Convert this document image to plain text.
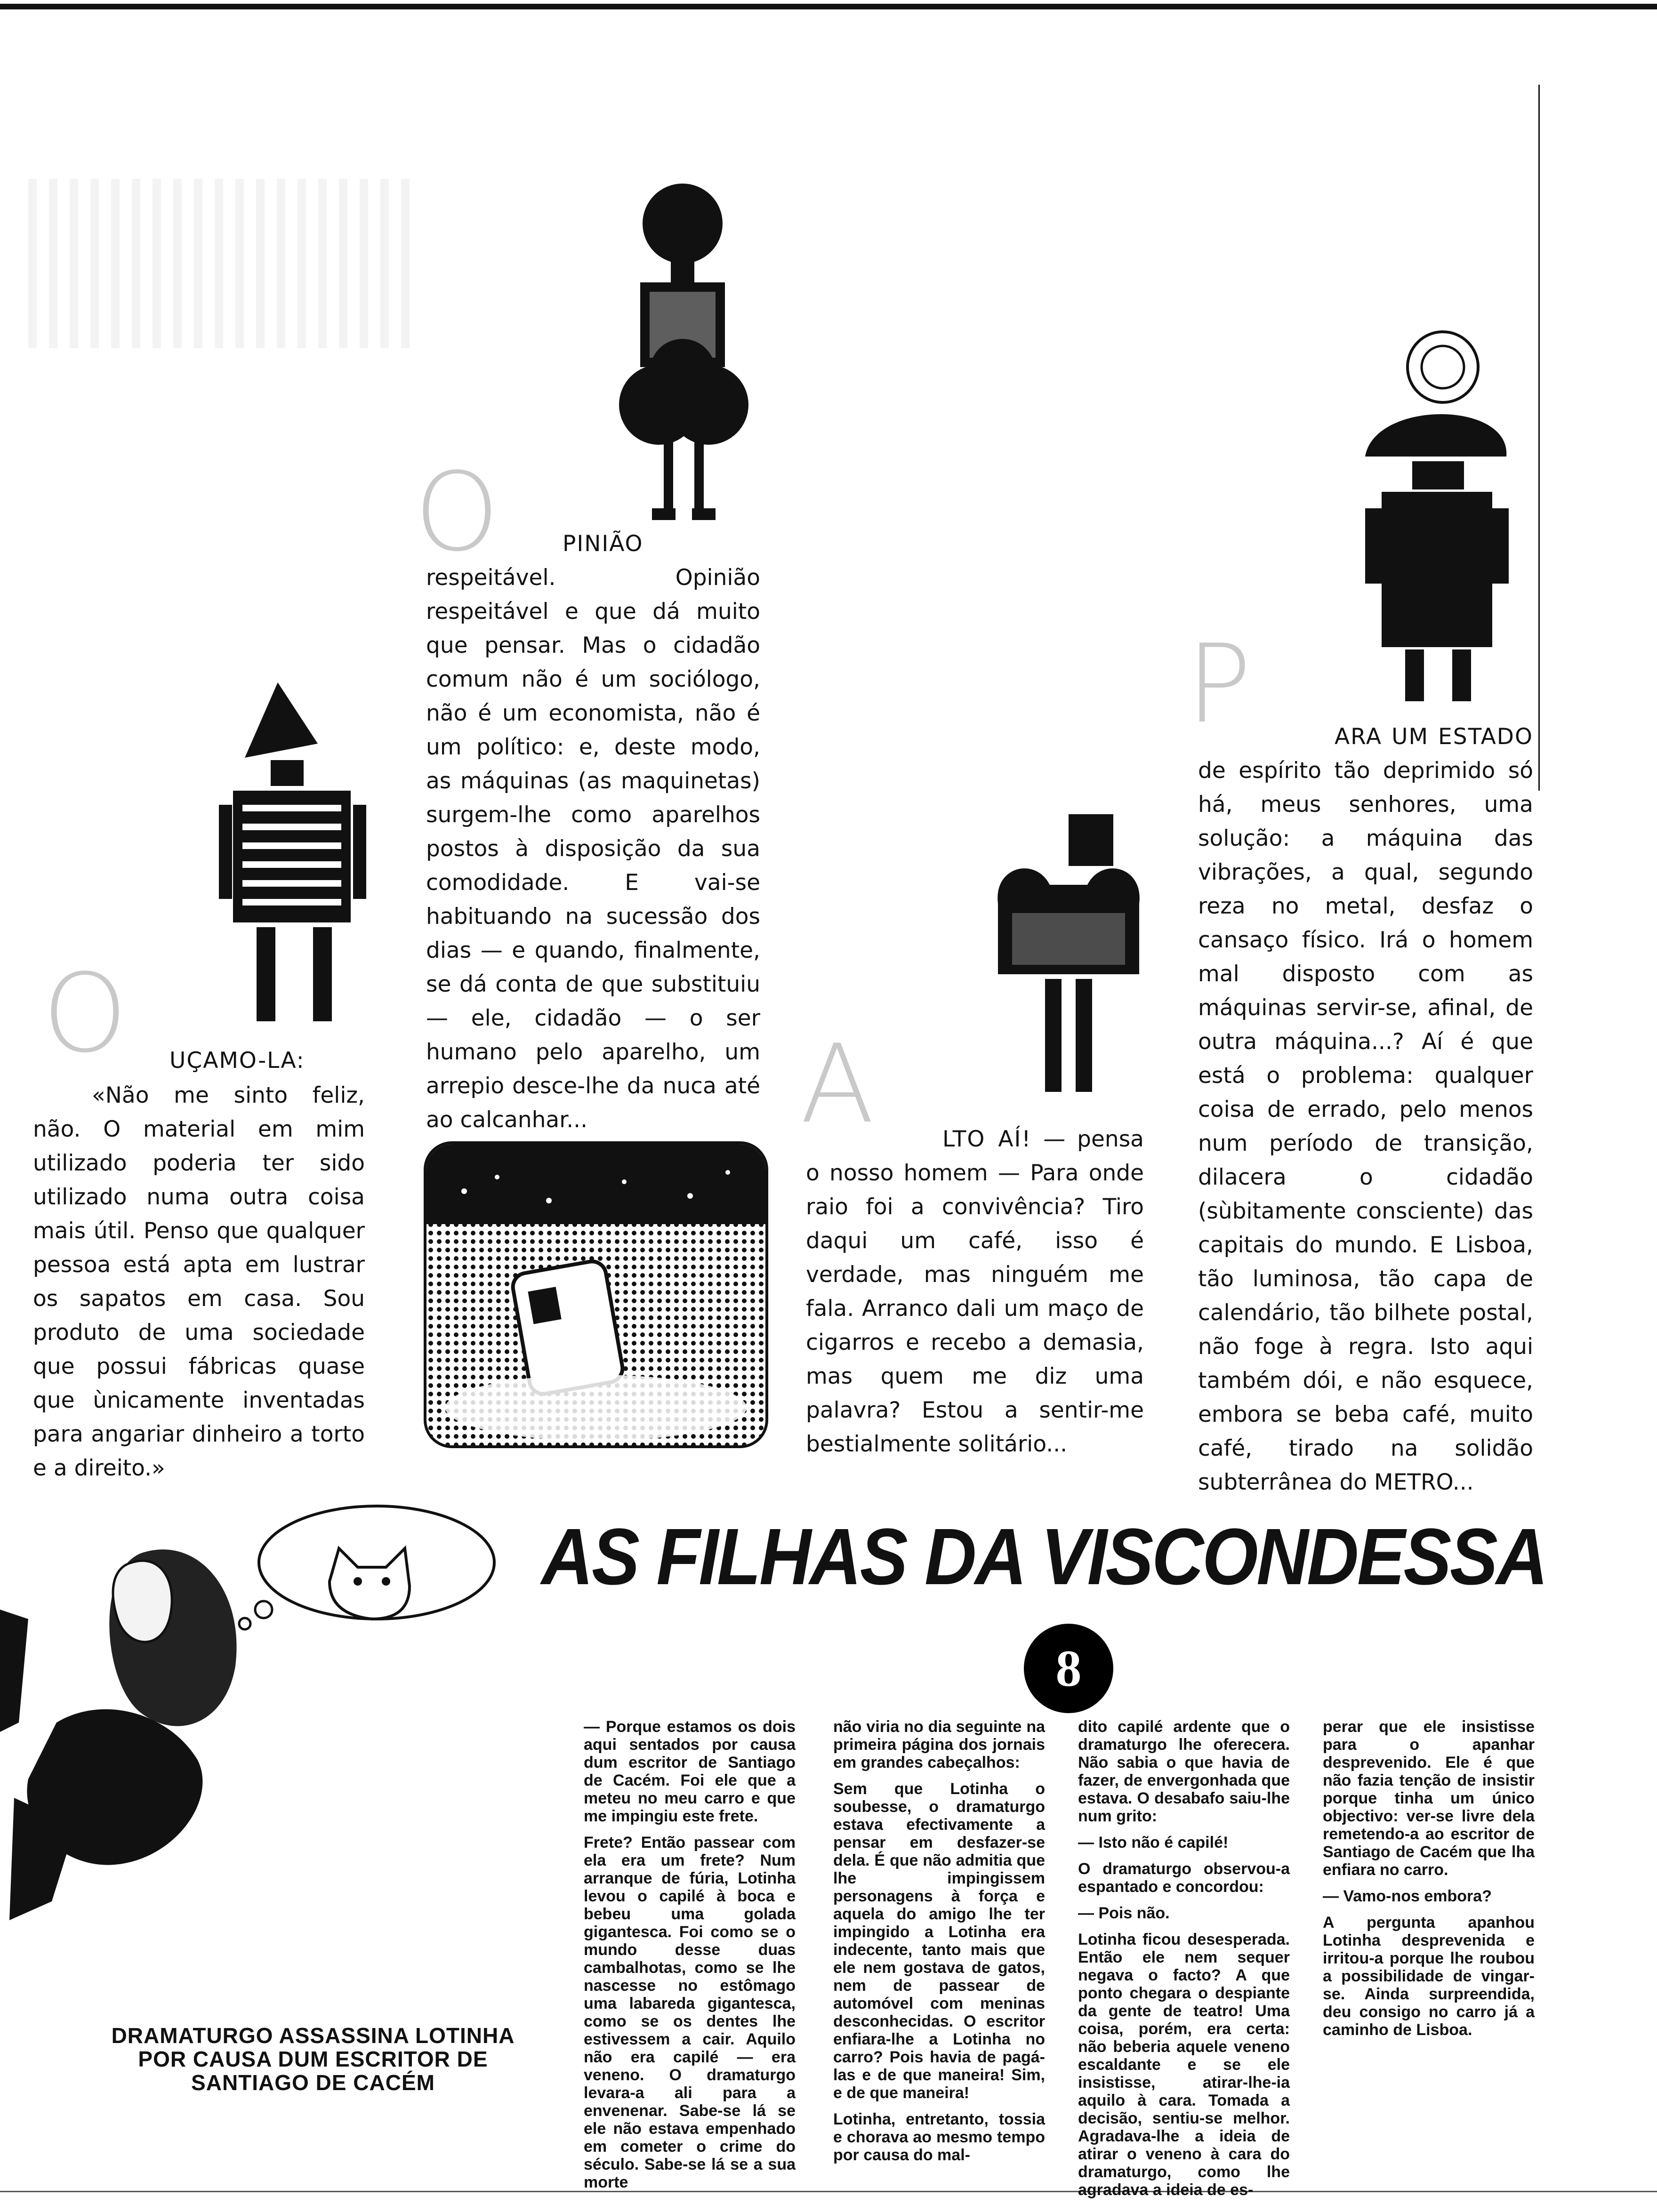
O	PINIÃO respeitável. Opinião respeitável e que dá muito que pensar. Mas o cidadão comum não é um sociólogo, não é um economista, não é um político: e, deste modo, as máquinas (as maquinetas) surgem-lhe como aparelhos postos à disposição da sua comodidade. E vai-se habituando na sucessão dos dias — e quando, finalmente, se dá conta de que substituiu — ele, cidadão — o ser humano pelo aparelho, um arrepio desce-lhe da nuca até ao calcanhar...

O UÇAMO-LA:

«Não me sinto feliz, não. O material em mim utilizado poderia ter sido utilizado numa outra coisa mais útil. Penso que qualquer pessoa está apta em lustrar os sapatos em casa. Sou produto de uma sociedade que possui fábricas quase que ùnicamente inventadas para angariar dinheiro a torto e a direito.»

A	LTO AÍ! — pensa o nosso homem — Para onde raio foi a convivência? Tiro daqui um café, isso é verdade, mas ninguém me fala. Arranco dali um maço de cigarros e recebo a demasia, mas quem me diz uma palavra? Estou a sentir-me bestialmente solitário...

P	ARA UM ESTADO de espírito tão deprimido só há, meus senhores, uma solução: a máquina das vibrações, a qual, segundo reza no metal, desfaz o cansaço físico. Irá o homem mal disposto com as máquinas servir-se, afinal, de outra máquina...? Aí é que está o problema: qualquer coisa de errado, pelo menos num período de transição, dilacera o cidadão (sùbitamente consciente) das capitais do mundo. E Lisboa, tão luminosa, tão capa de calendário, tão bilhete postal, não foge à regra. Isto aqui também dói, e não esquece, embora se beba café, muito café, tirado na solidão subterrânea do METRO...

AS FILHAS DA VISCONDESSA
8
DRAMATURGO ASSASSINA LOTINHA POR CAUSA DUM ESCRITOR DE SANTIAGO DE CACÉM

— Porque estamos os dois aqui sentados por causa dum escritor de Santiago de Cacém. Foi ele que a meteu no meu carro e que me impingiu este frete.

Frete? Então passear com ela era um frete? Num arranque de fúria, Lotinha levou o capilé à boca e bebeu uma golada gigantesca. Foi como se o mundo desse duas cambalhotas, como se lhe nascesse no estômago uma labareda gigantesca, como se os dentes lhe estivessem a cair. Aquilo não era capilé — era veneno. O dramaturgo levara-a ali para a envenenar. Sabe-se lá se ele não estava empenhado em cometer o crime do século. Sabe-se lá se a sua morte

não viria no dia seguinte na primeira página dos jornais em grandes cabeçalhos:

Sem que Lotinha o soubesse, o dramaturgo estava efectivamente a pensar em desfazer-se dela. É que não admitia que lhe impingissem personagens à força e aquela do amigo lhe ter impingido a Lotinha era indecente, tanto mais que ele nem gostava de gatos, nem de passear de automóvel com meninas desconhecidas. O escritor enfiara-lhe a Lotinha no carro? Pois havia de pagá-las e de que maneira! Sim, e de que maneira!

Lotinha, entretanto, tossia e chorava ao mesmo tempo por causa do mal-

dito capilé ardente que o dramaturgo lhe oferecera. Não sabia o que havia de fazer, de envergonhada que estava. O desabafo saiu-lhe num grito:

— Isto não é capilé!

O dramaturgo observou-a espantado e concordou:

— Pois não.

Lotinha ficou desesperada. Então ele nem sequer negava o facto? A que ponto chegara o despiante da gente de teatro! Uma coisa, porém, era certa: não beberia aquele veneno escaldante e se ele insistisse, atirar-lhe-ia aquilo à cara. Tomada a decisão, sentiu-se melhor. Agradava-lhe a ideia de atirar o veneno à cara do dramaturgo, como lhe agradava a ideia de es-

perar que ele insistisse para o apanhar desprevenido. Ele é que não fazia tenção de insistir porque tinha um único objectivo: ver-se livre dela remetendo-a ao escritor de Santiago de Cacém que lha enfiara no carro.

— Vamo-nos embora?

A pergunta apanhou Lotinha desprevenida e irritou-a porque lhe roubou a possibilidade de vingar-se. Ainda surpreendida, deu consigo no carro já a caminho de Lisboa.
